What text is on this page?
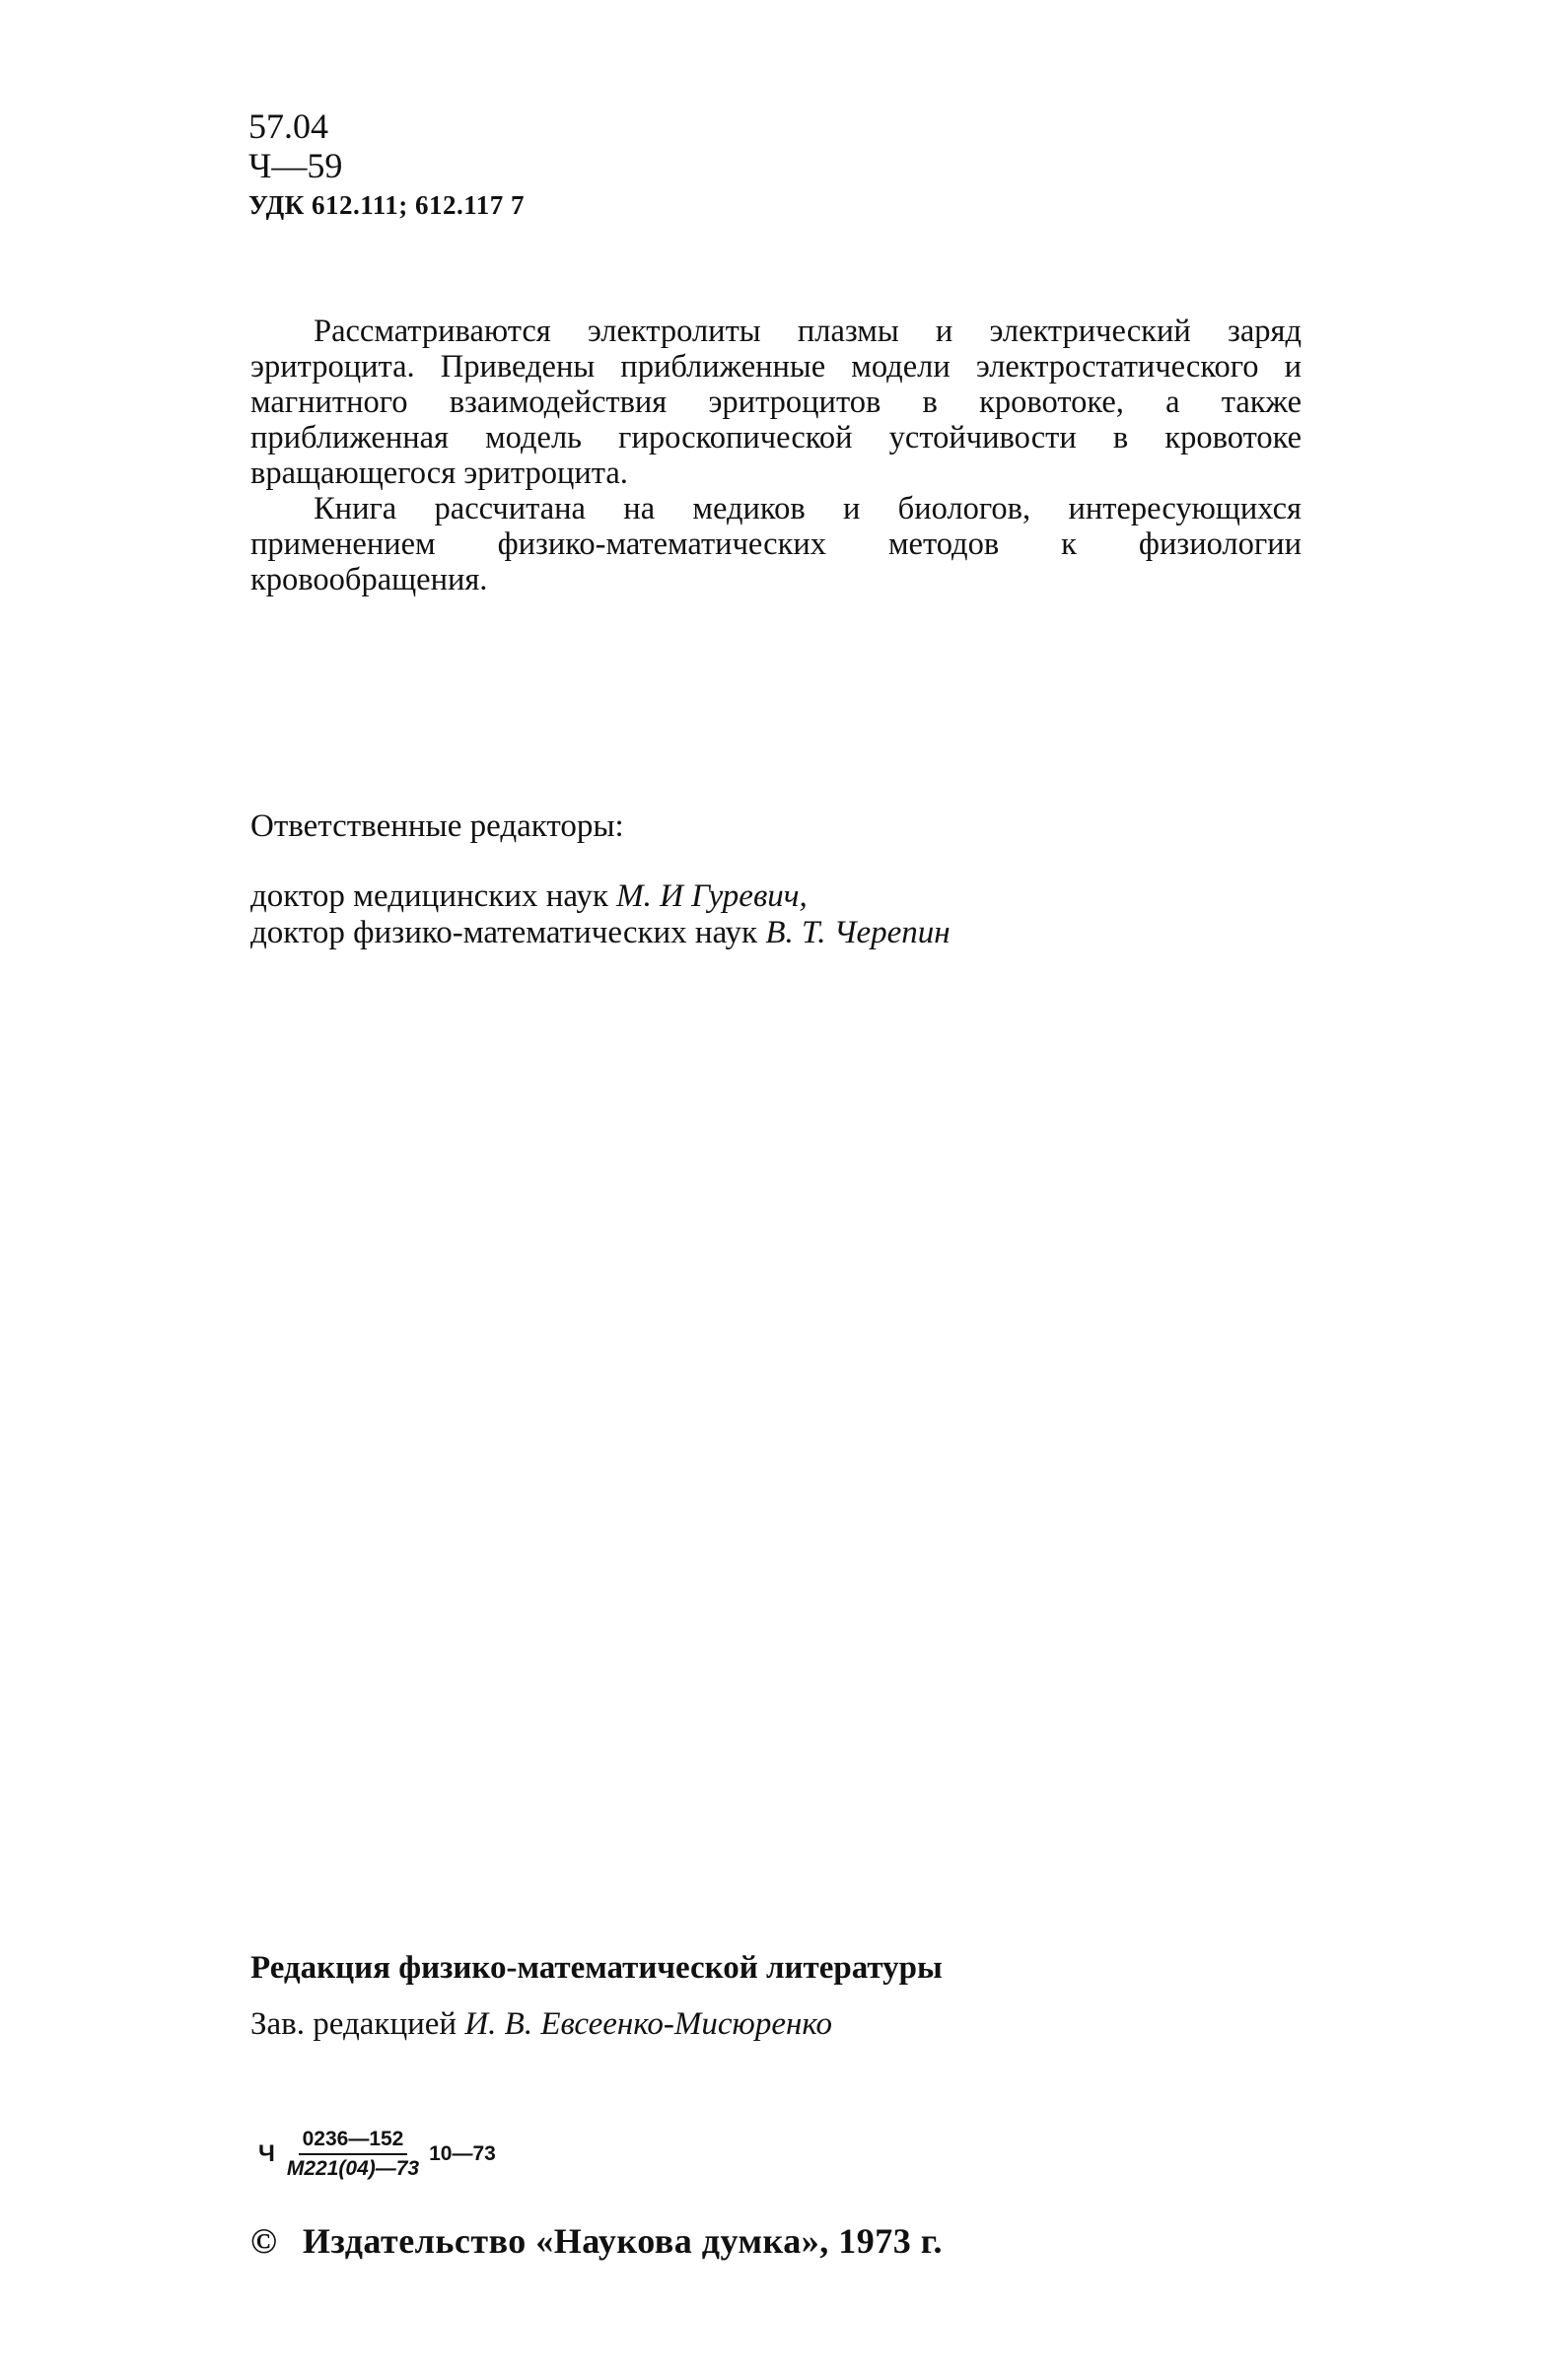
57.04
Ч—59
УДК 612.111; 612.117 7

Рассматриваются электролиты плазмы и электрический заряд эритроцита. Приведены приближенные модели электростатического и магнитного взаимодействия эритроцитов в кровотоке, а также приближенная модель гироскопической устойчивости в кровотоке вращающегося эритроцита.

Книга рассчитана на медиков и биологов, интересующихся применением физико-математических методов к физиологии кровообращения.

Ответственные редакторы:
доктор медицинских наук М. И Гуревич,
доктор физико-математических наук В. Т. Черепин
Редакция физико-математической литературы
Зав. редакцией И. В. Евсеенко-Мисюренко
Ч $\frac{0236—152}{М221(04)—73}$ 10—73
© Издательство «Наукова думка», 1973 г.
